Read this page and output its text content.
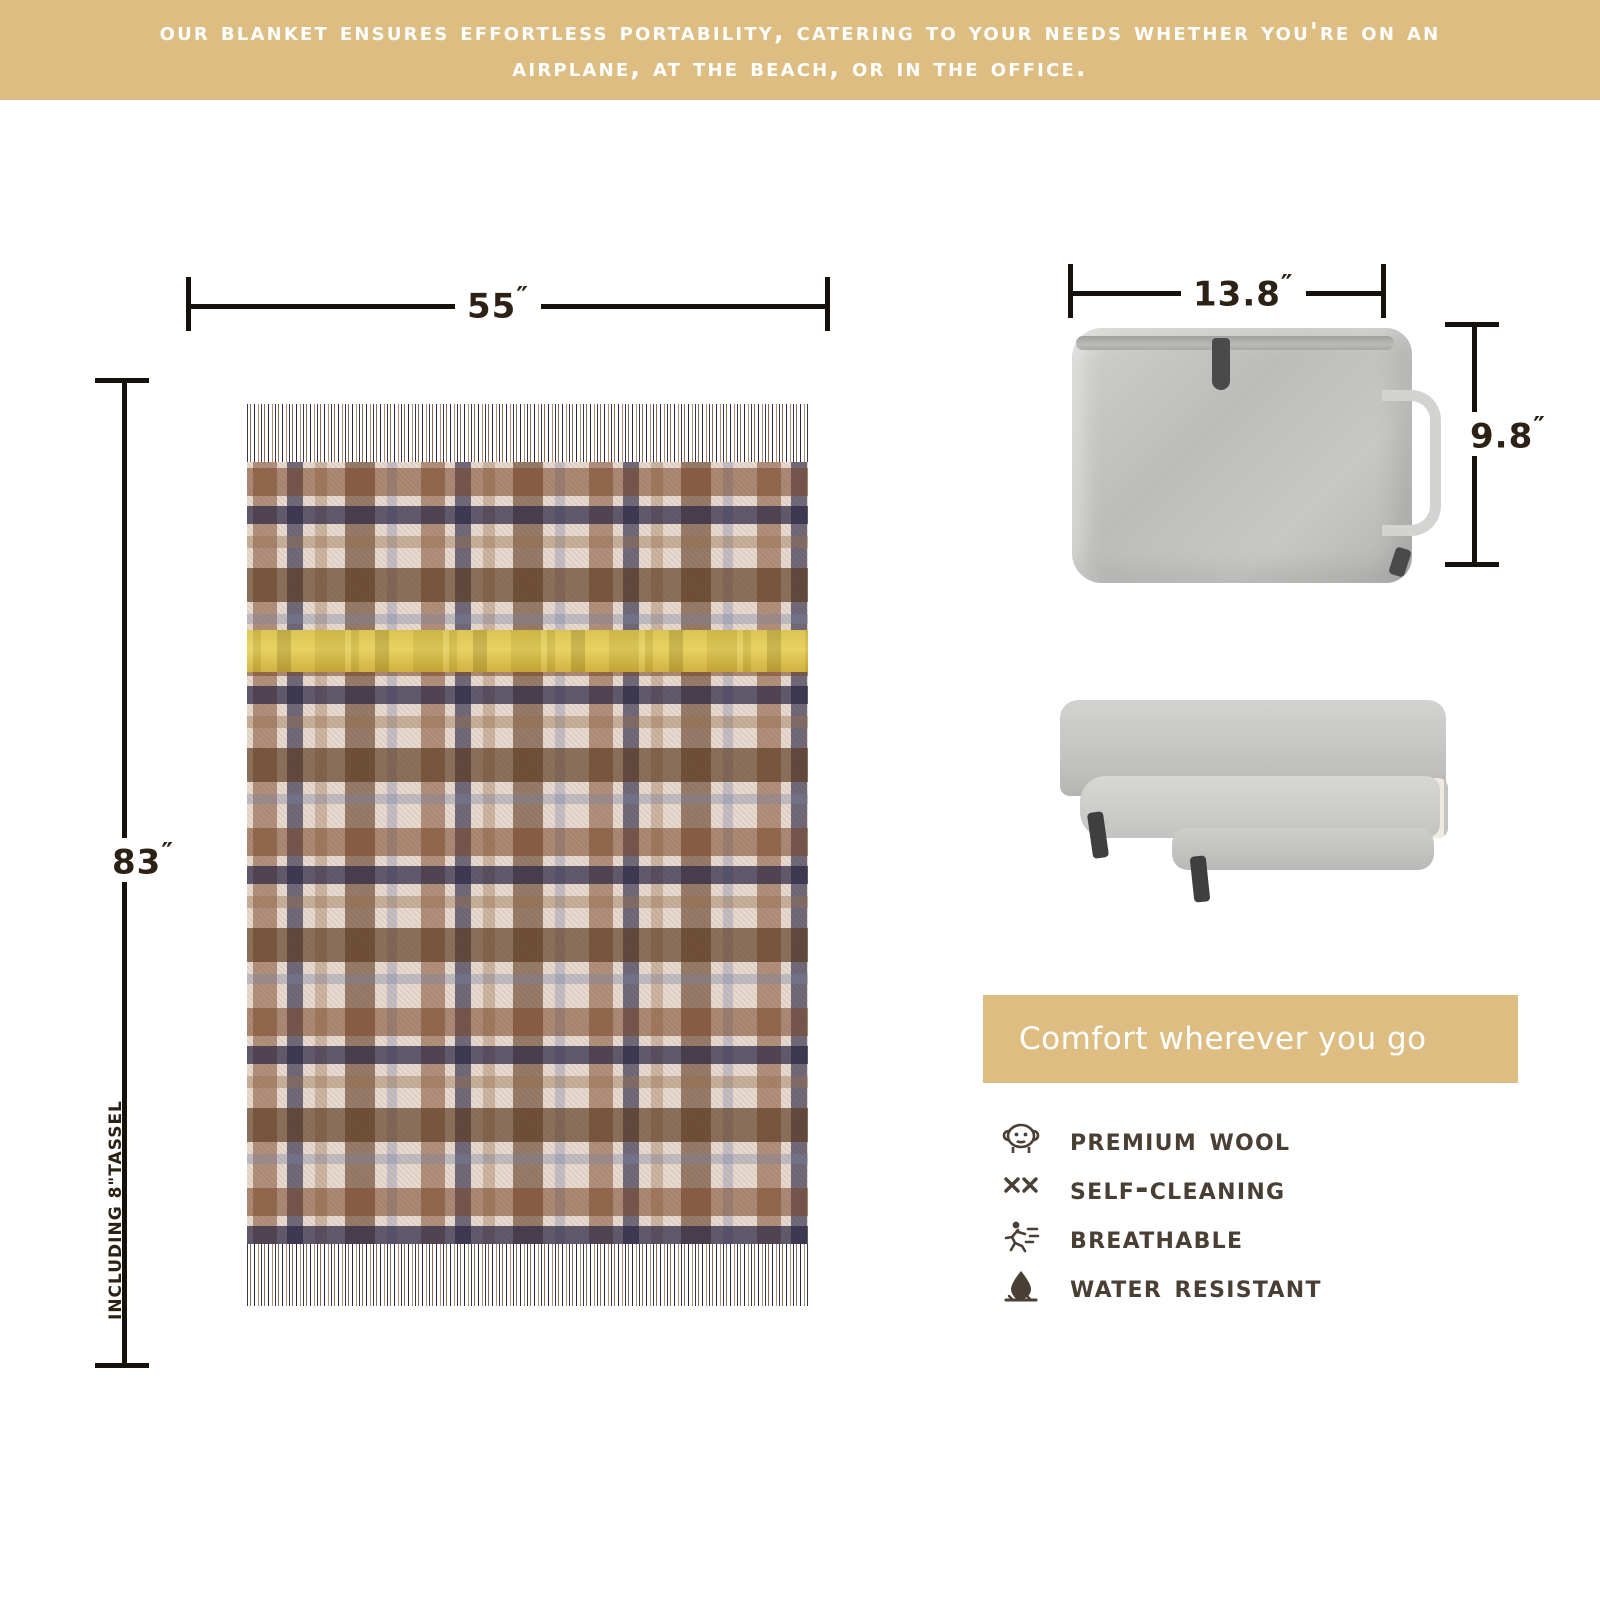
our blanket ensures effortless portability, catering to your needs whether you're on an airplane, at the beach, or in the office.
55″
83″
INCLUDING 8"TASSEL
13.8″
9.8″
Comfort wherever you go
premium wool
self-cleaning
breathable
water resistant
